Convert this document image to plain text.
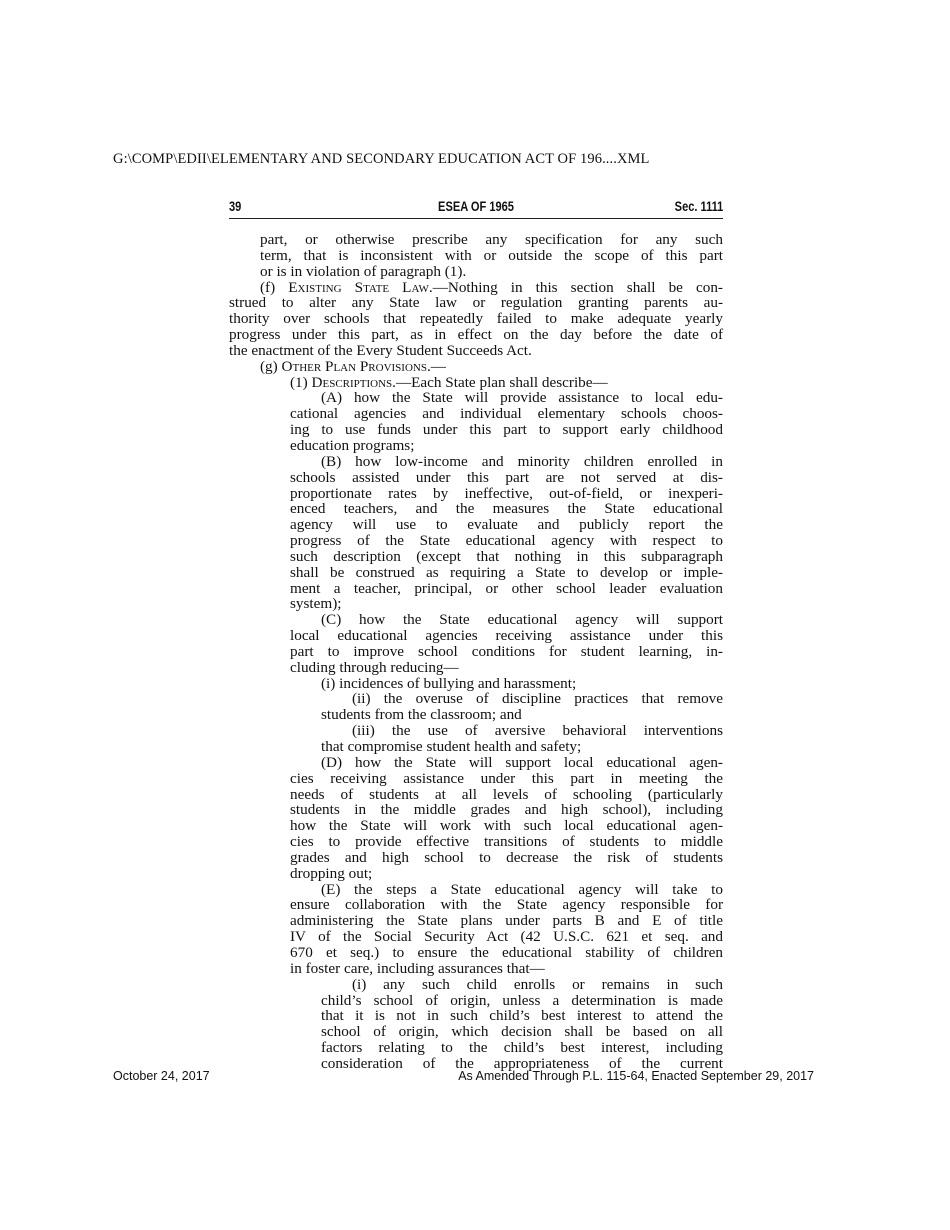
G:\COMP\EDII\ELEMENTARY AND SECONDARY EDUCATION ACT OF 196....XML
39	ESEA OF 1965	Sec. 1111

part, or otherwise prescribe any specification for any such

term, that is inconsistent with or outside the scope of this part

or is in violation of paragraph (1).

(f) Existing State Law.—Nothing in this section shall be con-

strued to alter any State law or regulation granting parents au-

thority over schools that repeatedly failed to make adequate yearly

progress under this part, as in effect on the day before the date of

the enactment of the Every Student Succeeds Act.

(g) Other Plan Provisions.—

(1) Descriptions.—Each State plan shall describe—

(A) how the State will provide assistance to local edu-

cational agencies and individual elementary schools choos-

ing to use funds under this part to support early childhood

education programs;

(B) how low-income and minority children enrolled in

schools assisted under this part are not served at dis-

proportionate rates by ineffective, out-of-field, or inexperi-

enced teachers, and the measures the State educational

agency will use to evaluate and publicly report the

progress of the State educational agency with respect to

such description (except that nothing in this subparagraph

shall be construed as requiring a State to develop or imple-

ment a teacher, principal, or other school leader evaluation

system);

(C) how the State educational agency will support

local educational agencies receiving assistance under this

part to improve school conditions for student learning, in-

cluding through reducing—

(i) incidences of bullying and harassment;

(ii) the overuse of discipline practices that remove

students from the classroom; and

(iii) the use of aversive behavioral interventions

that compromise student health and safety;

(D) how the State will support local educational agen-

cies receiving assistance under this part in meeting the

needs of students at all levels of schooling (particularly

students in the middle grades and high school), including

how the State will work with such local educational agen-

cies to provide effective transitions of students to middle

grades and high school to decrease the risk of students

dropping out;

(E) the steps a State educational agency will take to

ensure collaboration with the State agency responsible for

administering the State plans under parts B and E of title

IV of the Social Security Act (42 U.S.C. 621 et seq. and

670 et seq.) to ensure the educational stability of children

in foster care, including assurances that—

(i) any such child enrolls or remains in such

child’s school of origin, unless a determination is made

that it is not in such child’s best interest to attend the

school of origin, which decision shall be based on all

factors relating to the child’s best interest, including

consideration of the appropriateness of the current

October 24, 2017	As Amended Through P.L. 115-64, Enacted September 29, 2017
